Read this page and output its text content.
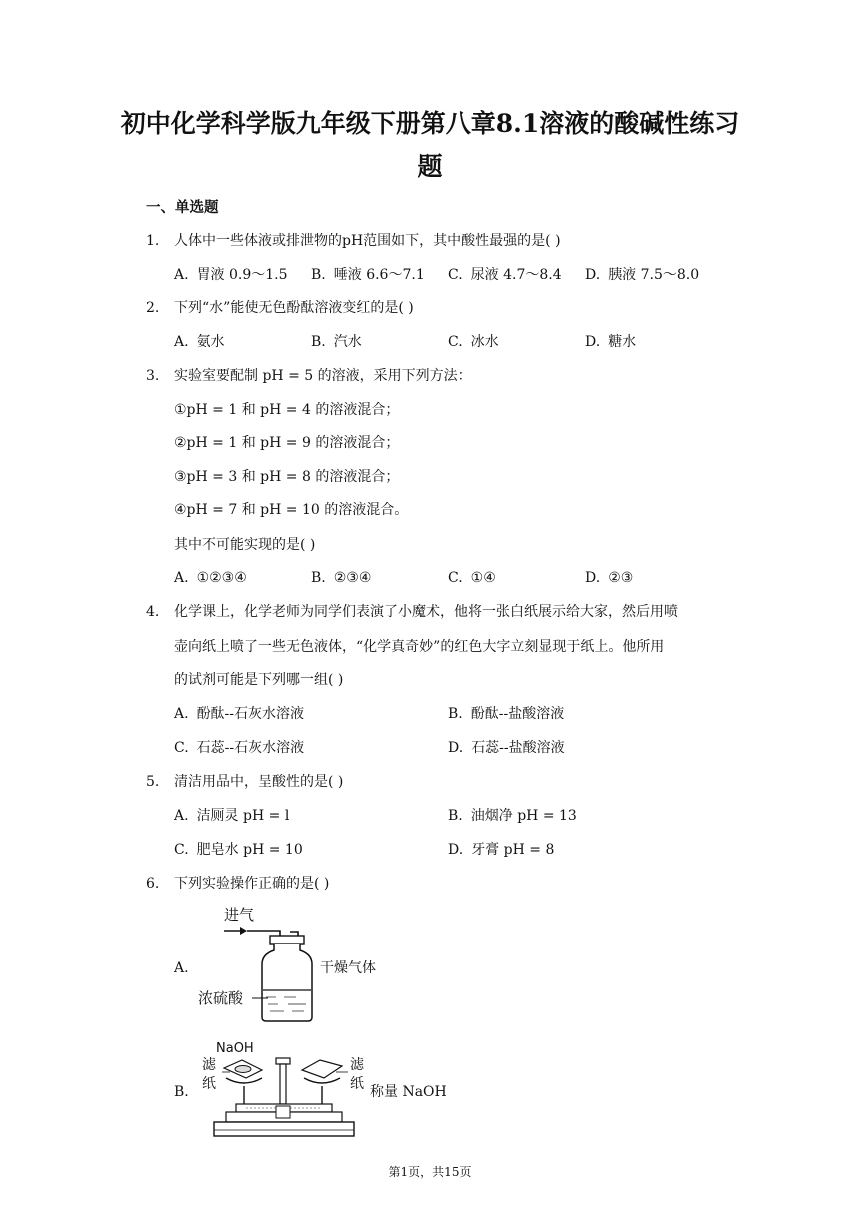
初中化学科学版九年级下册第八章8.1溶液的酸碱性练习
题
一、单选题
1. 人体中一些体液或排泄物的pH范围如下，其中酸性最强的是( )
A. 胃液 0.9～1.5 B. 唾液 6.6～7.1 C. 尿液 4.7～8.4 D. 胰液 7.5～8.0
2. 下列“水”能使无色酚酞溶液变红的是( )
A. 氨水	B. 汽水	C. 冰水	D. 糖水
3. 实验室要配制 pH = 5 的溶液，采用下列方法：
①pH = 1 和 pH = 4 的溶液混合；
②pH = 1 和 pH = 9 的溶液混合；
③pH = 3 和 pH = 8 的溶液混合；
④pH = 7 和 pH = 10 的溶液混合。
其中不可能实现的是( )
A. ①②③④	B. ②③④	C. ①④	D. ②③
4. 化学课上，化学老师为同学们表演了小魔术，他将一张白纸展示给大家，然后用喷
壶向纸上喷了一些无色液体，“化学真奇妙”的红色大字立刻显现于纸上。他所用
的试剂可能是下列哪一组( )
A. 酚酞--石灰水溶液	B. 酚酞--盐酸溶液
C. 石蕊--石灰水溶液	D. 石蕊--盐酸溶液
5. 清洁用品中，呈酸性的是( )
A. 洁厕灵 pH = l	B. 油烟净 pH = 13
C. 肥皂水 pH = 10	D. 牙膏 pH = 8
6. 下列实验操作正确的是( )
A.
进气
浓硫酸
干燥气体
B.
NaOH
滤
纸
滤
纸 称量 NaOH
第1页，共15页
